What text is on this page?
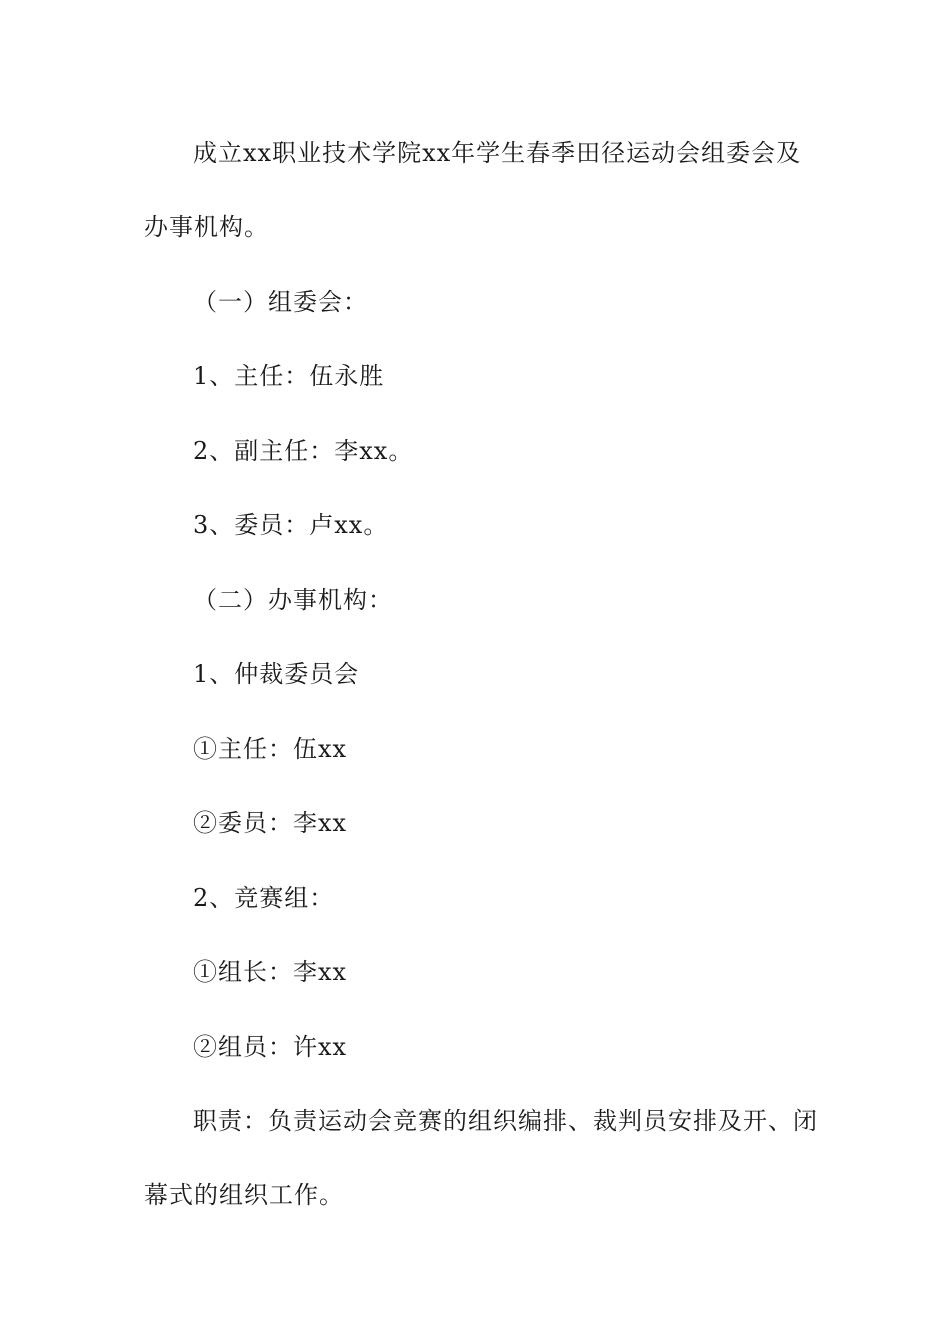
成立xx职业技术学院xx年学生春季田径运动会组委会及
办事机构。
（一）组委会：
1、主任：伍永胜
2、副主任：李xx。
3、委员：卢xx。
（二）办事机构：
1、仲裁委员会
①主任：伍xx
②委员：李xx
2、竞赛组：
①组长：李xx
②组员：许xx
职责：负责运动会竞赛的组织编排、裁判员安排及开、闭
幕式的组织工作。
